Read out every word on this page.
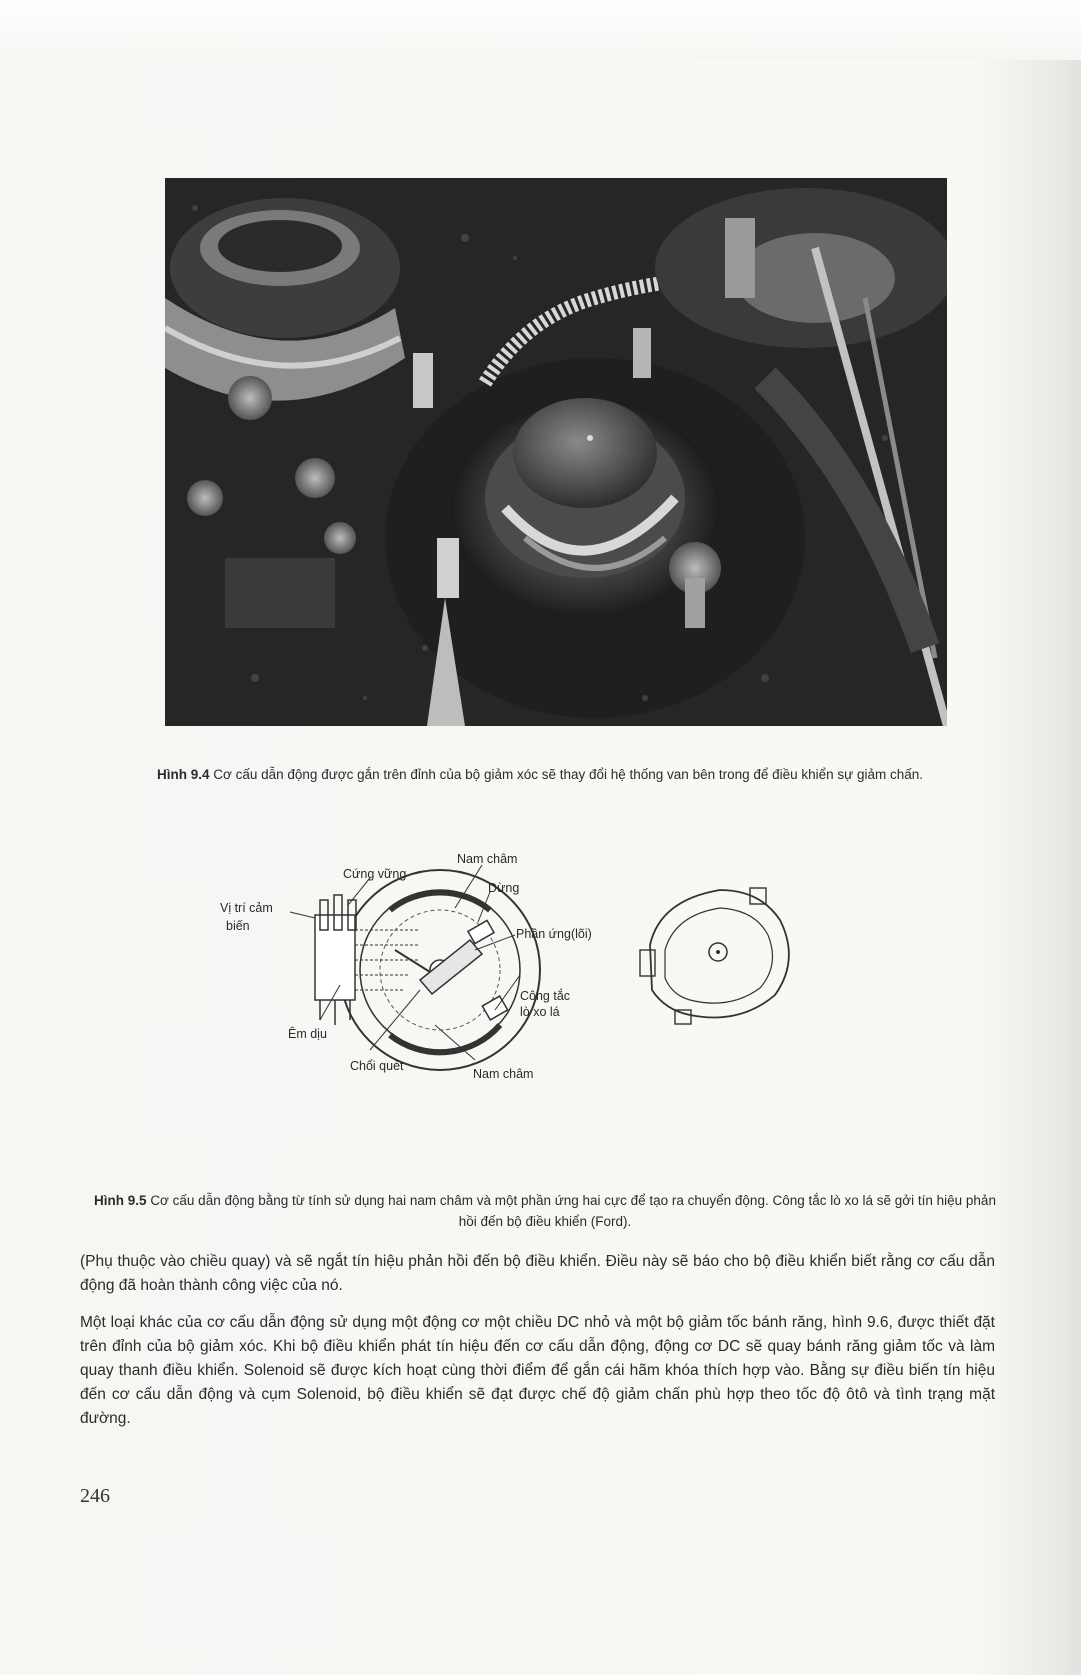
Hình 9.4 Cơ cấu dẫn động được gắn trên đỉnh của bộ giảm xóc sẽ thay đổi hệ thống van bên trong để điều khiển sự giảm chấn.
Nam châm
Cứng vững
Dừng
Phần ứng(lõi)
Vị trí cảm
biến
Êm dịu
Công tắc
lò xo lá
Chổi quét
Nam châm
Hình 9.5 Cơ cấu dẫn động bằng từ tính sử dụng hai nam châm và một phần ứng hai cực để tạo ra chuyển động. Công tắc lò xo lá sẽ gởi tín hiệu phản hồi đến bộ điều khiển (Ford).

(Phụ thuộc vào chiều quay) và sẽ ngắt tín hiệu phản hồi đến bộ điều khiển. Điều này sẽ báo cho bộ điều khiển biết rằng cơ cấu dẫn động đã hoàn thành công việc của nó.

Một loại khác của cơ cấu dẫn động sử dụng một động cơ một chiều DC nhỏ và một bộ giảm tốc bánh răng, hình 9.6, được thiết đặt trên đỉnh của bộ giảm xóc. Khi bộ điều khiển phát tín hiệu đến cơ cấu dẫn động, động cơ DC sẽ quay bánh răng giảm tốc và làm quay thanh điều khiển. Solenoid sẽ được kích hoạt cùng thời điểm để gắn cái hãm khóa thích hợp vào. Bằng sự điều biến tín hiệu đến cơ cấu dẫn động và cụm Solenoid, bộ điều khiển sẽ đạt được chế độ giảm chấn phù hợp theo tốc độ ôtô và tình trạng mặt đường.

246
